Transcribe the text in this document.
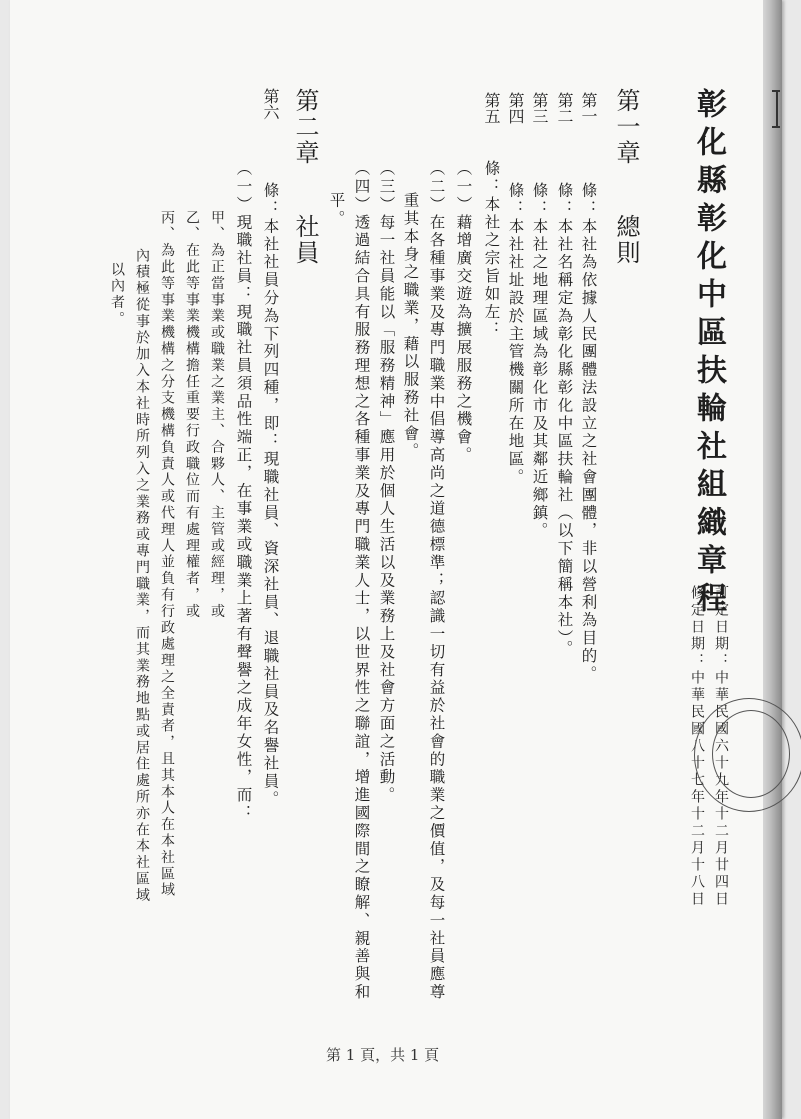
彰化縣彰化中區扶輪社組織章程
訂定日期：中華民國六十九年十二月廿四日
修定日期：中華民國八十七年十二月十八日
第一章總則
第一
條：本社為依據人民團體法設立之社會團體，非以營利為目的。
第二
條：本社名稱定為彰化縣彰化中區扶輪社（以下簡稱本社）。
第三
條：本社之地理區域為彰化市及其鄰近鄉鎮。
第四
條：本社社址設於主管機關所在地區。
第五
條：本社之宗旨如左：
（一）藉增廣交遊為擴展服務之機會。
（二）在各種事業及專門職業中倡導高尚之道德標準；認識一切有益於社會的職業之價值，及每一社員應尊
重其本身之職業，藉以服務社會。
（三）每一社員能以「服務精神」應用於個人生活以及業務上及社會方面之活動。
（四）透過結合具有服務理想之各種事業及專門職業人士，以世界性之聯誼，增進國際間之瞭解、親善與和
平。
第二章社員
第六
條：本社社員分為下列四種，即：現職社員、資深社員、退職社員及名譽社員。
（一）現職社員：現職社員須品性端正，在事業或職業上著有聲譽之成年女性，而：
甲、為正當事業或職業之業主、合夥人、主管或經理，或
乙、在此等事業機構擔任重要行政職位而有處理權者，或
丙、為此等事業機構之分支機構負責人或代理人並負有行政處理之全責者，且其本人在本社區域
內積極從事於加入本社時所列入之業務或專門職業，而其業務地點或居住處所亦在本社區域
以內者。
第 1 頁，共 1 頁
